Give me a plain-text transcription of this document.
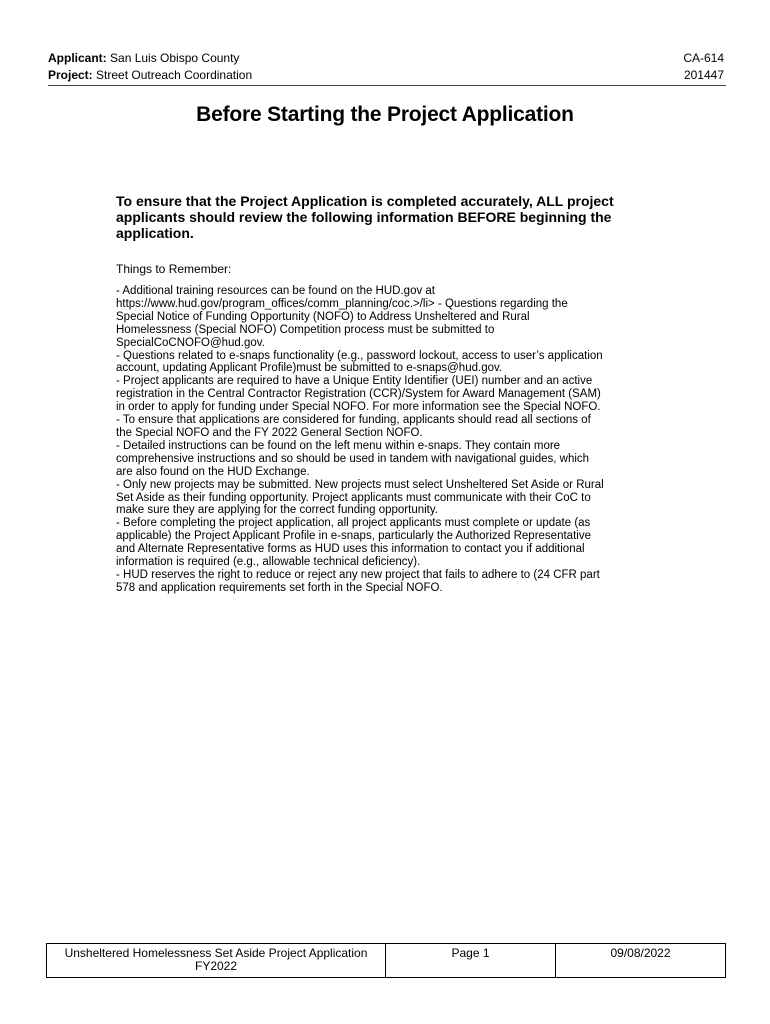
Applicant: San Luis Obispo County	CA-614
Project: Street Outreach Coordination	201447
Before Starting the Project Application
To ensure that the Project Application is completed accurately, ALL project applicants should review the following information BEFORE beginning the application.
Things to Remember:
- Additional training resources can be found on the HUD.gov at
https://www.hud.gov/program_offices/comm_planning/coc.>/li> - Questions regarding the
Special Notice of Funding Opportunity (NOFO) to Address Unsheltered and Rural
Homelessness (Special NOFO) Competition process must be submitted to
SpecialCoCNOFO@hud.gov.
- Questions related to e-snaps functionality (e.g., password lockout, access to user’s application
account, updating Applicant Profile)must be submitted to e-snaps@hud.gov.
- Project applicants are required to have a Unique Entity Identifier (UEI) number and an active
registration in the Central Contractor Registration (CCR)/System for Award Management (SAM)
in order to apply for funding under Special NOFO. For more information see the Special NOFO.
- To ensure that applications are considered for funding, applicants should read all sections of
the Special NOFO and the FY 2022 General Section NOFO.
- Detailed instructions can be found on the left menu within e-snaps. They contain more
comprehensive instructions and so should be used in tandem with navigational guides, which
are also found on the HUD Exchange.
- Only new projects may be submitted. New projects must select Unsheltered Set Aside or Rural
Set Aside as their funding opportunity. Project applicants must communicate with their CoC to
make sure they are applying for the correct funding opportunity.
- Before completing the project application, all project applicants must complete or update (as
applicable) the Project Applicant Profile in e-snaps, particularly the Authorized Representative
and Alternate Representative forms as HUD uses this information to contact you if additional
information is required (e.g., allowable technical deficiency).
- HUD reserves the right to reduce or reject any new project that fails to adhere to (24 CFR part
578 and application requirements set forth in the Special NOFO.
Unsheltered Homelessness Set Aside Project Application
FY2022
Page 1	09/08/2022
